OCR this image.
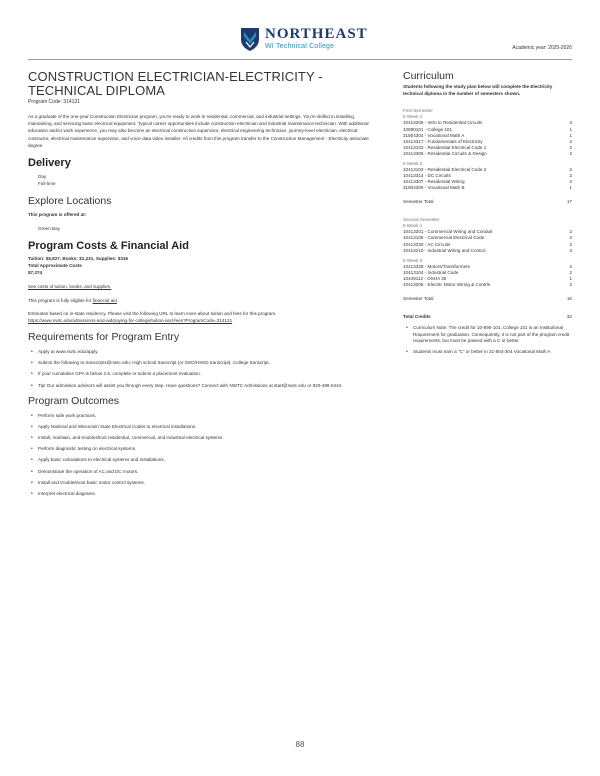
NORTHEAST
WI Technical College	Academic year: 2025-2026
CONSTRUCTION ELECTRICIAN-ELECTRICITY - TECHNICAL DIPLOMA
Program Code: 314131

As a graduate of the one-year Construction Electrician program, you're ready to work in residential, commercial, and industrial settings. You're skilled in installing, maintaining, and servicing basic electrical equipment. Typical career opportunities include construction electrician and industrial maintenance technician. With additional education and/or work experience, you may also become an electrical construction supervisor, electrical engineering technician, journey-level electrician, electrical contractor, electrical maintenance supervisor, and voice data video installer. All credits from this program transfer to the Construction Management - Electricity associate degree.

Delivery
Day
Full-time
Explore Locations
This program is offered at:
Green Bay
Program Costs & Financial Aid
Tuition: $5,827, Books: $1,231, Supplies: $316
Total Approximate Costs
$7,374
See costs of tuition, books, and supplies.
This program is fully eligible for financial aid.
Estimates based on in-state residency. Please visit the following URL to learn more about tuition and fees for this program.
https://www.nwtc.edu/admissions-and-aid/paying-for-college/tuition-and-fees?ProgramCode=314131
Requirements for Program Entry
• Apply at www.nwtc.edu/apply.
• Submit the following to transcripts@nwtc.edu: High school transcript (or GED/HSED transcript). College transcript.
• If your cumulative GPA is below 2.6, complete or submit a placement evaluation.
• Tip! Our admission advisors will assist you through every step. Have questions? Connect with NWTC Admissions at start@nwtc.edu or 920-498-5444.
Program Outcomes
• Perform safe work practices.
• Apply National and Wisconsin State Electrical Codes to electrical installations.
• Install, maintain, and troubleshoot residential, commercial, and industrial electrical systems.
• Perform diagnostic testing on electrical systems.
• Apply basic calculations to electrical systems and installations.
• Demonstrate the operation of AC and DC motors.
• Install and troubleshoot basic motor control systems.
• Interpret electrical diagrams.
Curriculum

Students following the study plan below will complete the Electricity technical diploma in the number of semesters shown.

First Semester
8 Week 1
10413305 - Intro to Residential Circuits	2
10890101 - College 101	1
31804304 - Vocational Math A	1
10413317 - Fundamentals of Electricity	2
10413102 - Residential Electrical Code 1	2
10413306 - Residential Circuits & Design	2
8 Week 2
10413103 - Residential Electrical Code 2	2
10413314 - DC Circuits	2
10413307 - Residential Wiring	2
31804305 - Vocational Math B	1
Semester Total	17
Second Semester
8 Week 1
10413201 - Commercial Wiring and Conduit	2
10413105 - Commercial Electrical Code	2
10413330 - AC Circuits	2
10413210 - Industrial Wiring and Control	2
8 Week 2
10413328 - Motors/Transformers	2
10413104 - Industrial Code	2
10449112 - OSHA 30	1
10413205 - Electric Motor Wiring & Contrls	2
Semester Total	15
Total Credits	32
• Curriculum Note: The credit for 10-890-101, College 101 is an Institutional Requirement for graduation. Consequently, it is not part of the program credit requirements, but must be passed with a C or better.
• Students must earn a "C" or better in 31-804-304 Vocational Math A
88
